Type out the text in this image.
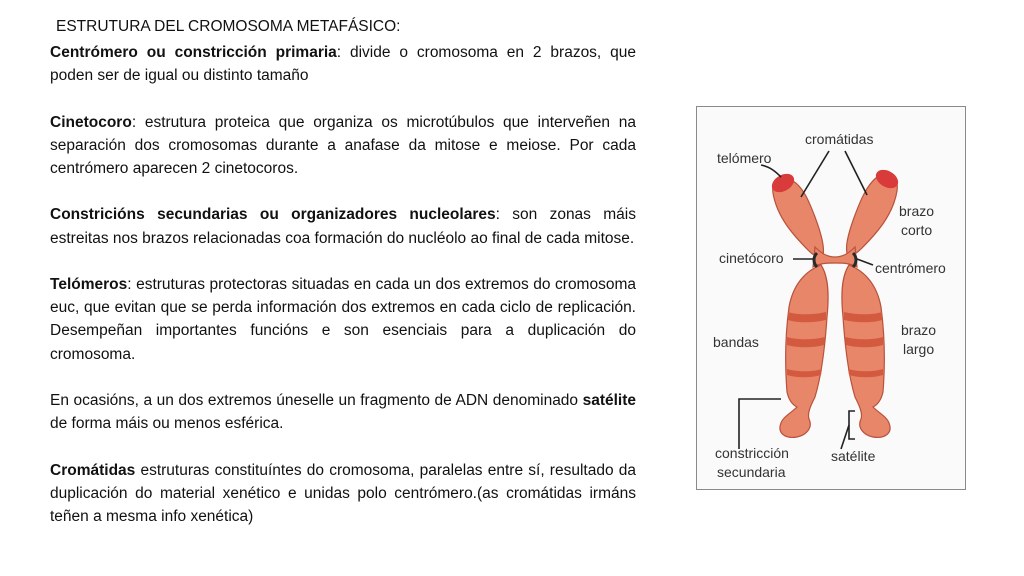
ESTRUTURA DEL CROMOSOMA METAFÁSICO:

Centrómero ou constricción primaria: divide o cromosoma en 2 brazos, que poden ser de igual ou distinto tamaño

Cinetocoro: estrutura proteica que organiza os microtúbulos que interveñen na separación dos cromosomas durante a anafase da mitose e meiose. Por cada centrómero aparecen 2 cinetocoros.

Constricións secundarias ou organizadores nucleolares: son zonas máis estreitas nos brazos relacionadas coa formación do nucléolo ao final de cada mitose.

Telómeros: estruturas protectoras situadas en cada un dos extremos do cromosoma euc, que evitan que se perda información dos extremos en cada ciclo de replicación. Desempeñan importantes funcións e son esenciais para a duplicación do cromosoma.

En ocasións, a un dos extremos úneselle un fragmento de ADN denominado satélite de forma máis ou menos esférica.

Cromátidas estruturas constituíntes do cromosoma, paralelas entre sí, resultado da duplicación do material xenético e unidas polo centrómero.(as cromátidas irmáns teñen a mesma info xenética)

cromátidas
telómero
brazo
corto
cinetócoro
centrómero
bandas
brazo
largo
constricción
secundaria
satélite
